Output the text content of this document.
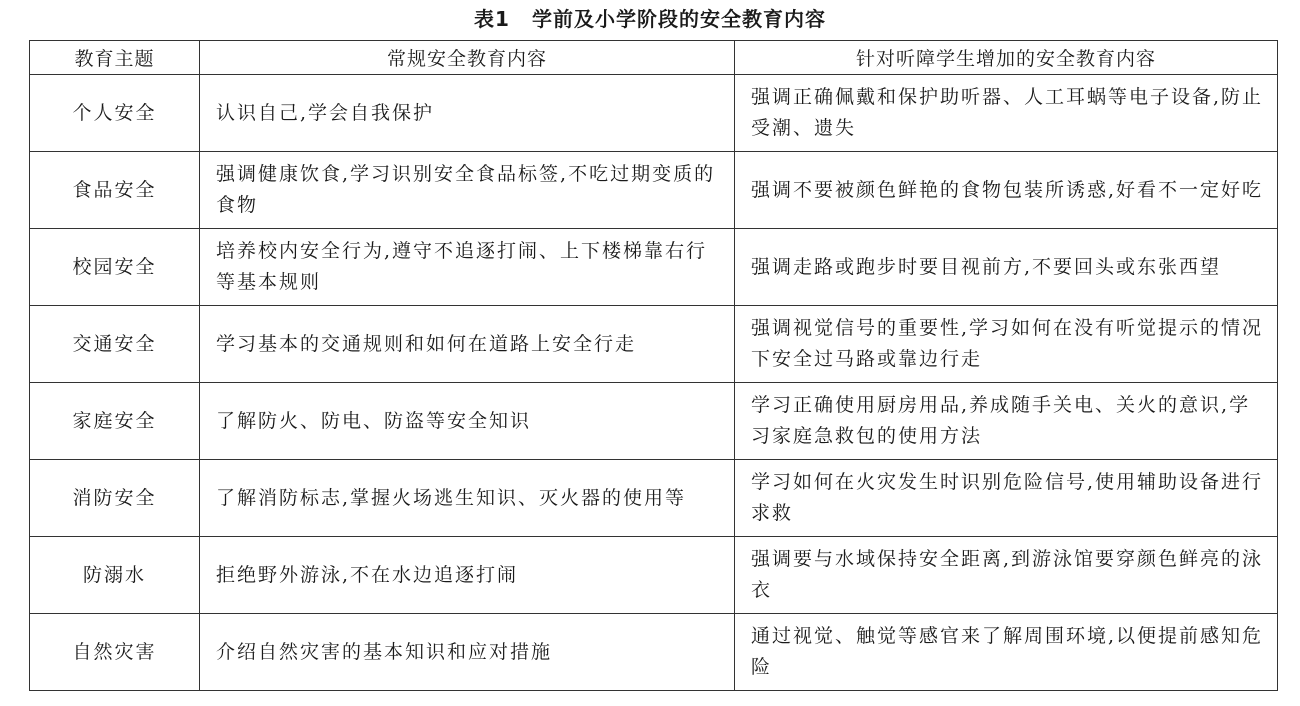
表1 学前及小学阶段的安全教育内容
教育主题	常规安全教育内容	针对听障学生增加的安全教育内容
个人安全	认识自己,学会自我保护	强调正确佩戴和保护助听器、人工耳蜗等电子设备,防止受潮、遗失
食品安全	强调健康饮食,学习识别安全食品标签,不吃过期变质的食物	强调不要被颜色鲜艳的食物包装所诱惑,好看不一定好吃
校园安全	培养校内安全行为,遵守不追逐打闹、上下楼梯靠右行等基本规则	强调走路或跑步时要目视前方,不要回头或东张西望
交通安全	学习基本的交通规则和如何在道路上安全行走	强调视觉信号的重要性,学习如何在没有听觉提示的情况下安全过马路或靠边行走
家庭安全	了解防火、防电、防盗等安全知识	学习正确使用厨房用品,养成随手关电、关火的意识,学习家庭急救包的使用方法
消防安全	了解消防标志,掌握火场逃生知识、灭火器的使用等	学习如何在火灾发生时识别危险信号,使用辅助设备进行求救
防溺水	拒绝野外游泳,不在水边追逐打闹	强调要与水域保持安全距离,到游泳馆要穿颜色鲜亮的泳衣
自然灾害	介绍自然灾害的基本知识和应对措施	通过视觉、触觉等感官来了解周围环境,以便提前感知危险
